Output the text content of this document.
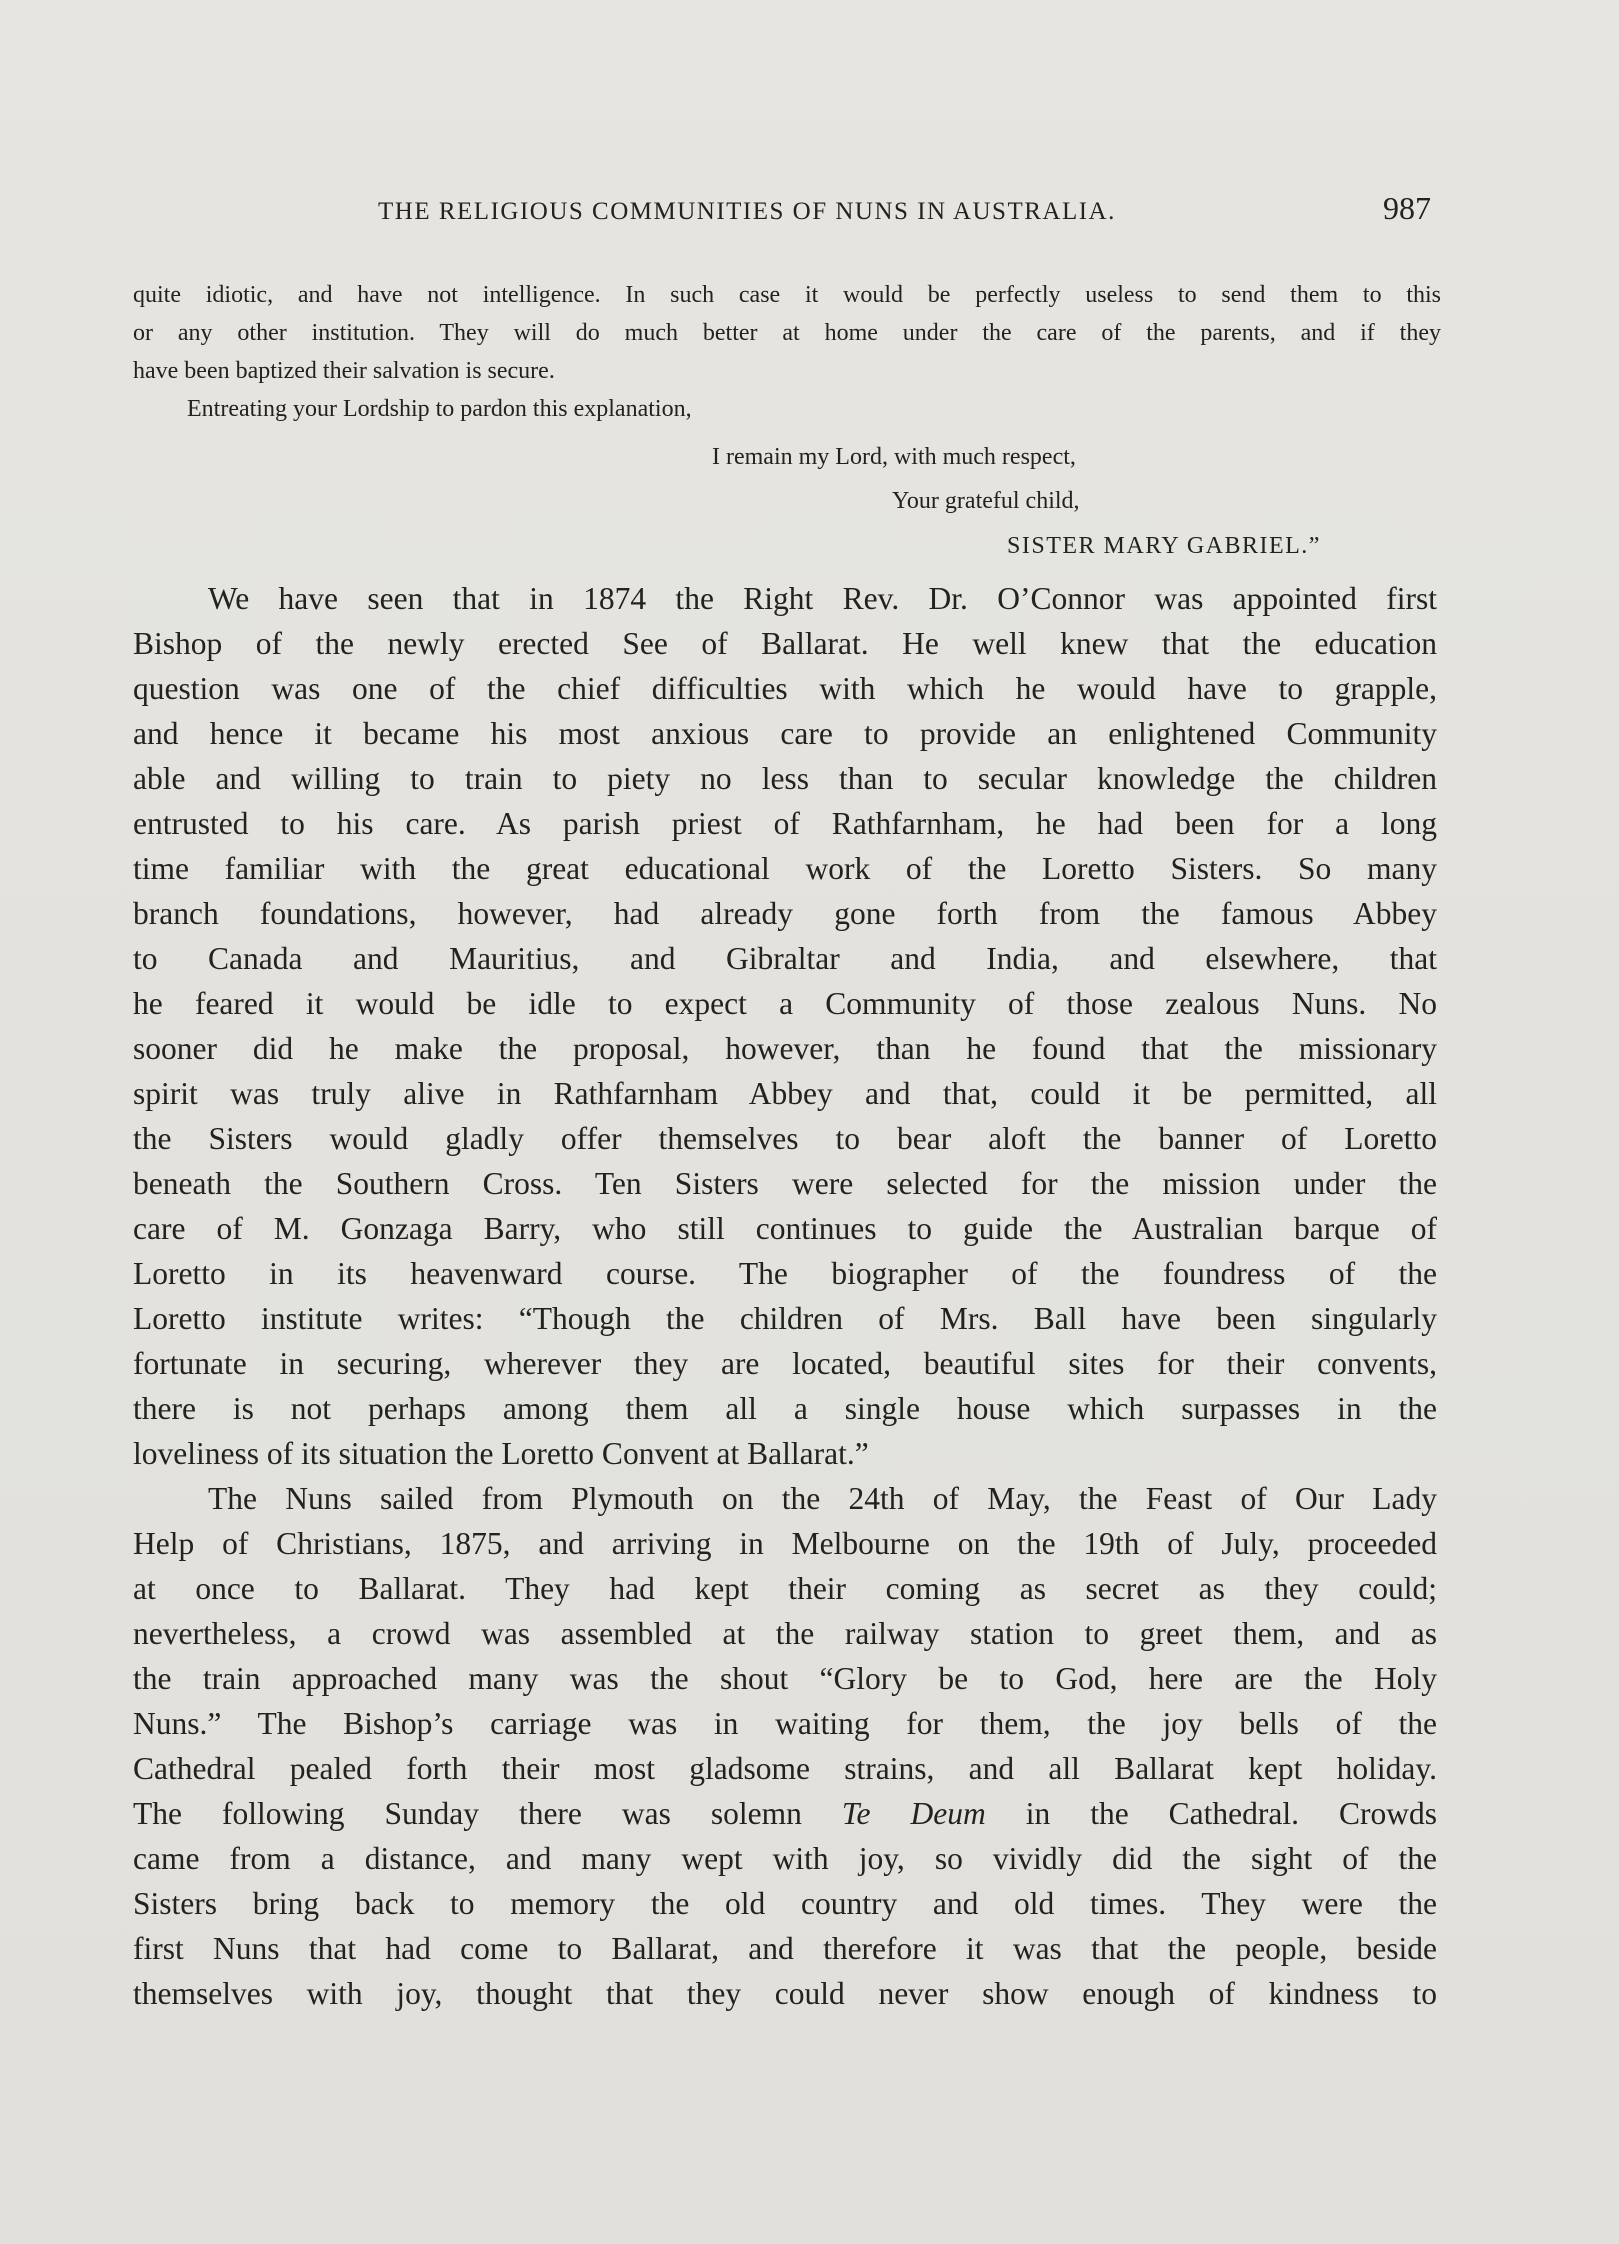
THE RELIGIOUS COMMUNITIES OF NUNS IN AUSTRALIA.	987
quite idiotic, and have not intelligence. In such case it would be perfectly useless to send them to this
or any other institution. They will do much better at home under the care of the parents, and if they
have been baptized their salvation is secure.
Entreating your Lordship to pardon this explanation,
I remain my Lord, with much respect,
Your grateful child,
SISTER MARY GABRIEL.”
We have seen that in 1874 the Right Rev. Dr. O’Connor was appointed first
Bishop of the newly erected See of Ballarat. He well knew that the education
question was one of the chief difficulties with which he would have to grapple,
and hence it became his most anxious care to provide an enlightened Community
able and willing to train to piety no less than to secular knowledge the children
entrusted to his care. As parish priest of Rathfarnham, he had been for a long
time familiar with the great educational work of the Loretto Sisters. So many
branch foundations, however, had already gone forth from the famous Abbey
to Canada and Mauritius, and Gibraltar and India, and elsewhere, that
he feared it would be idle to expect a Community of those zealous Nuns. No
sooner did he make the proposal, however, than he found that the missionary
spirit was truly alive in Rathfarnham Abbey and that, could it be permitted, all
the Sisters would gladly offer themselves to bear aloft the banner of Loretto
beneath the Southern Cross. Ten Sisters were selected for the mission under the
care of M. Gonzaga Barry, who still continues to guide the Australian barque of
Loretto in its heavenward course. The biographer of the foundress of the
Loretto institute writes: “Though the children of Mrs. Ball have been singularly
fortunate in securing, wherever they are located, beautiful sites for their convents,
there is not perhaps among them all a single house which surpasses in the
loveliness of its situation the Loretto Convent at Ballarat.”
The Nuns sailed from Plymouth on the 24th of May, the Feast of Our Lady
Help of Christians, 1875, and arriving in Melbourne on the 19th of July, proceeded
at once to Ballarat. They had kept their coming as secret as they could;
nevertheless, a crowd was assembled at the railway station to greet them, and as
the train approached many was the shout “Glory be to God, here are the Holy
Nuns.” The Bishop’s carriage was in waiting for them, the joy bells of the
Cathedral pealed forth their most gladsome strains, and all Ballarat kept holiday.
The following Sunday there was solemn Te Deum in the Cathedral. Crowds
came from a distance, and many wept with joy, so vividly did the sight of the
Sisters bring back to memory the old country and old times. They were the
first Nuns that had come to Ballarat, and therefore it was that the people, beside
themselves with joy, thought that they could never show enough of kindness to
